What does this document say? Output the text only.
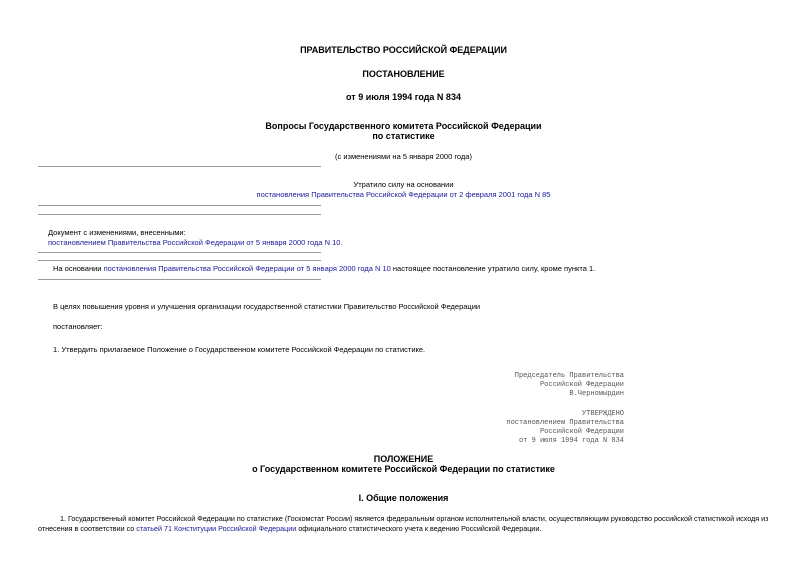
ПРАВИТЕЛЬСТВО РОССИЙСКОЙ ФЕДЕРАЦИИ
ПОСТАНОВЛЕНИЕ
от 9 июля 1994 года N 834
Вопросы Государственного комитета Российской Федерации
по статистике
(с изменениями на 5 января 2000 года)
Утратило силу на основании
постановления Правительства Российской Федерации от 2 февраля 2001 года N 85
Документ с изменениями, внесенными:
постановлением Правительства Российской Федерации от 5 января 2000 года N 10.
На основании постановления Правительства Российской Федерации от 5 января 2000 года N 10 настоящее постановление утратило силу, кроме пункта 1.
В целях повышения уровня и улучшения организации государственной статистики Правительство Российской Федерации
постановляет:
1. Утвердить прилагаемое Положение о Государственном комитете Российской Федерации по статистике.
Председатель Правительства
Российской Федерации
В.Черномырдин
УТВЕРЖДЕНО
постановлением Правительства
Российской Федерации
от 9 июля 1994 года N 834
ПОЛОЖЕНИЕ
о Государственном комитете Российской Федерации по статистике
I. Общие положения
1. Государственный комитет Российской Федерации по статистике (Госкомстат России) является федеральным органом исполнительной власти, осуществляющим руководство российской статистикой исходя из
отнесения в соответствии со статьей 71 Конституции Российской Федерации официального статистического учета к ведению Российской Федерации.
